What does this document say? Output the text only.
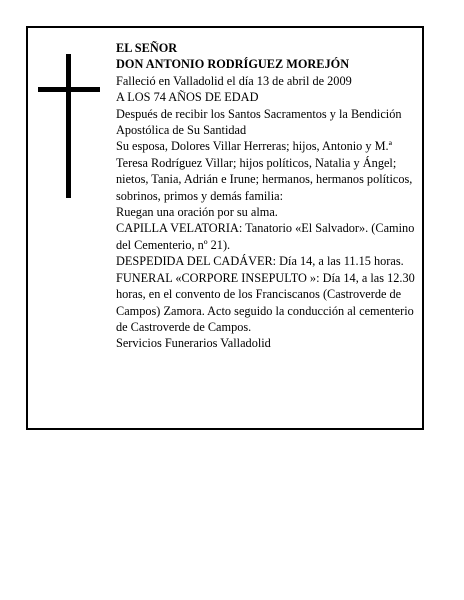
EL SEÑOR
DON ANTONIO RODRÍGUEZ MOREJÓN
Falleció en Valladolid el día 13 de abril de 2009
A LOS 74 AÑOS DE EDAD
Después de recibir los Santos Sacramentos y la Bendición Apostólica de Su Santidad
Su esposa, Dolores Villar Herreras; hijos, Antonio y M.ª Teresa Rodríguez Villar; hijos políticos, Natalia y Ángel; nietos, Tania, Adrián e Irune; hermanos, hermanos políticos, sobrinos, primos y demás familia:
Ruegan una oración por su alma.
CAPILLA VELATORIA: Tanatorio «El Salvador». (Camino del Cementerio, nº 21).
DESPEDIDA DEL CADÁVER: Día 14, a las 11.15 horas.
FUNERAL «CORPORE INSEPULTO »: Día 14, a las 12.30 horas, en el convento de los Franciscanos (Castroverde de Campos) Zamora. Acto seguido la conducción al cementerio de Castroverde de Campos.
Servicios Funerarios Valladolid
